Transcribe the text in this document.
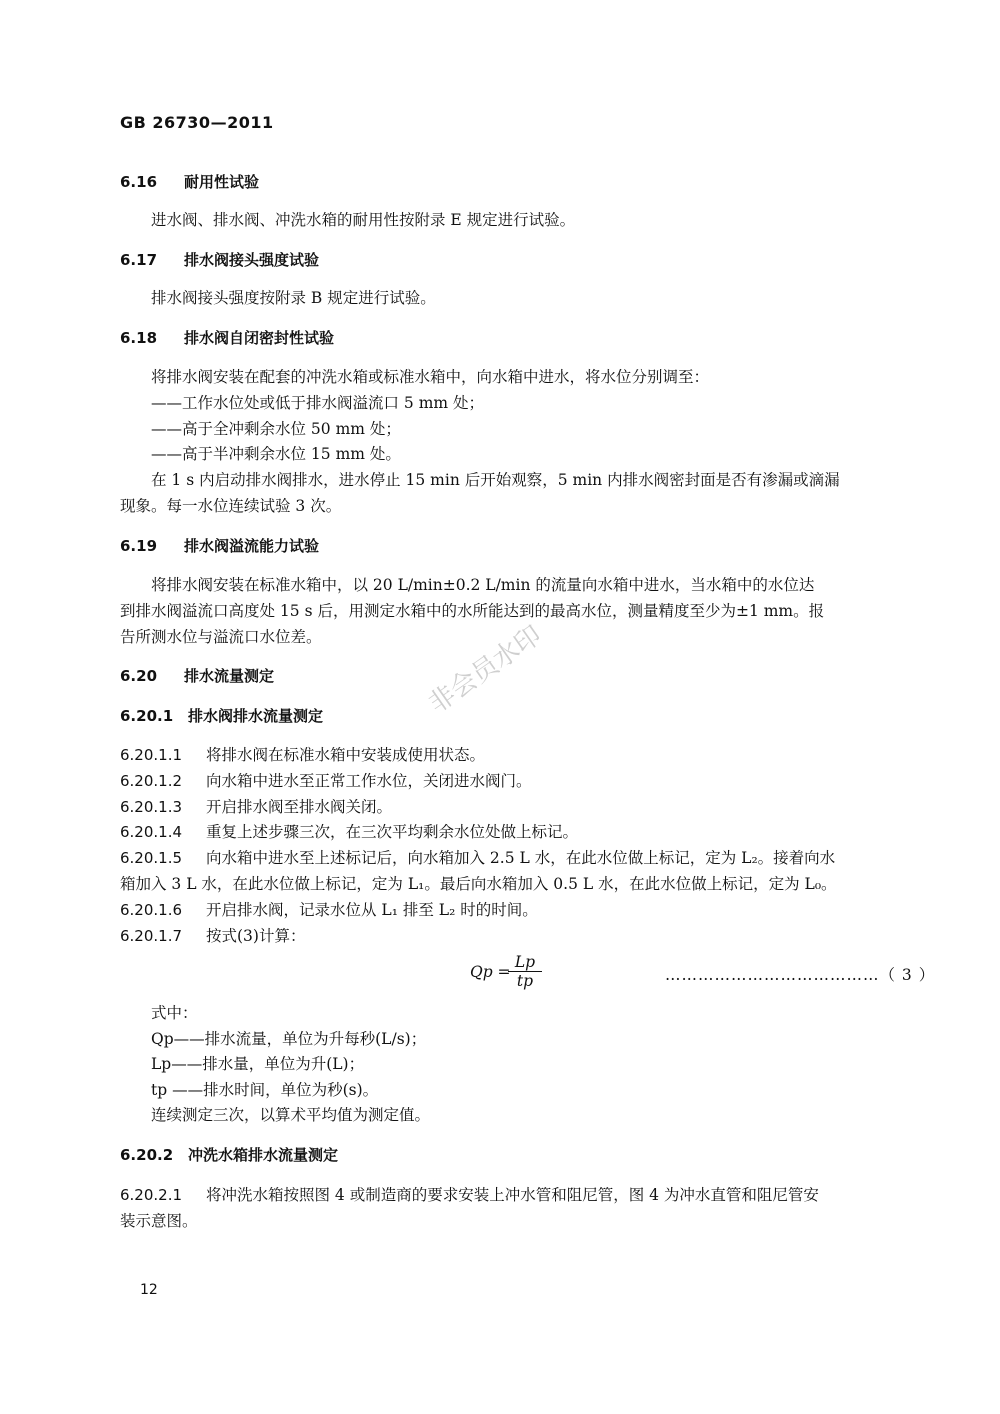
GB 26730—2011
非会员水印
6.16 耐用性试验
进水阀、排水阀、冲洗水箱的耐用性按附录 E 规定进行试验。
6.17 排水阀接头强度试验
排水阀接头强度按附录 B 规定进行试验。
6.18 排水阀自闭密封性试验
将排水阀安装在配套的冲洗水箱或标准水箱中，向水箱中进水，将水位分别调至：
——工作水位处或低于排水阀溢流口 5 mm 处；
——高于全冲剩余水位 50 mm 处；
——高于半冲剩余水位 15 mm 处。
在 1 s 内启动排水阀排水，进水停止 15 min 后开始观察，5 min 内排水阀密封面是否有渗漏或滴漏
现象。每一水位连续试验 3 次。
6.19 排水阀溢流能力试验
将排水阀安装在标准水箱中，以 20 L/min±0.2 L/min 的流量向水箱中进水，当水箱中的水位达
到排水阀溢流口高度处 15 s 后，用测定水箱中的水所能达到的最高水位，测量精度至少为±1 mm。报
告所测水位与溢流口水位差。
6.20 排水流量测定
6.20.1 排水阀排水流量测定
6.20.1.1 将排水阀在标准水箱中安装成使用状态。
6.20.1.2 向水箱中进水至正常工作水位，关闭进水阀门。
6.20.1.3 开启排水阀至排水阀关闭。
6.20.1.4 重复上述步骤三次，在三次平均剩余水位处做上标记。
6.20.1.5 向水箱中进水至上述标记后，向水箱加入 2.5 L 水，在此水位做上标记，定为 L₂。接着向水
箱加入 3 L 水，在此水位做上标记，定为 L₁。最后向水箱加入 0.5 L 水，在此水位做上标记，定为 L₀。
6.20.1.6 开启排水阀，记录水位从 L₁ 排至 L₂ 时的时间。
6.20.1.7 按式(3)计算：
Qp =
$\frac{Lp}{tp}$	…………………………………（ 3 ）
式中：
Qp——排水流量，单位为升每秒(L/s)；
Lp——排水量，单位为升(L)；
tp ——排水时间，单位为秒(s)。
连续测定三次，以算术平均值为测定值。
6.20.2 冲洗水箱排水流量测定
6.20.2.1 将冲洗水箱按照图 4 或制造商的要求安装上冲水管和阻尼管，图 4 为冲水直管和阻尼管安
装示意图。
12
